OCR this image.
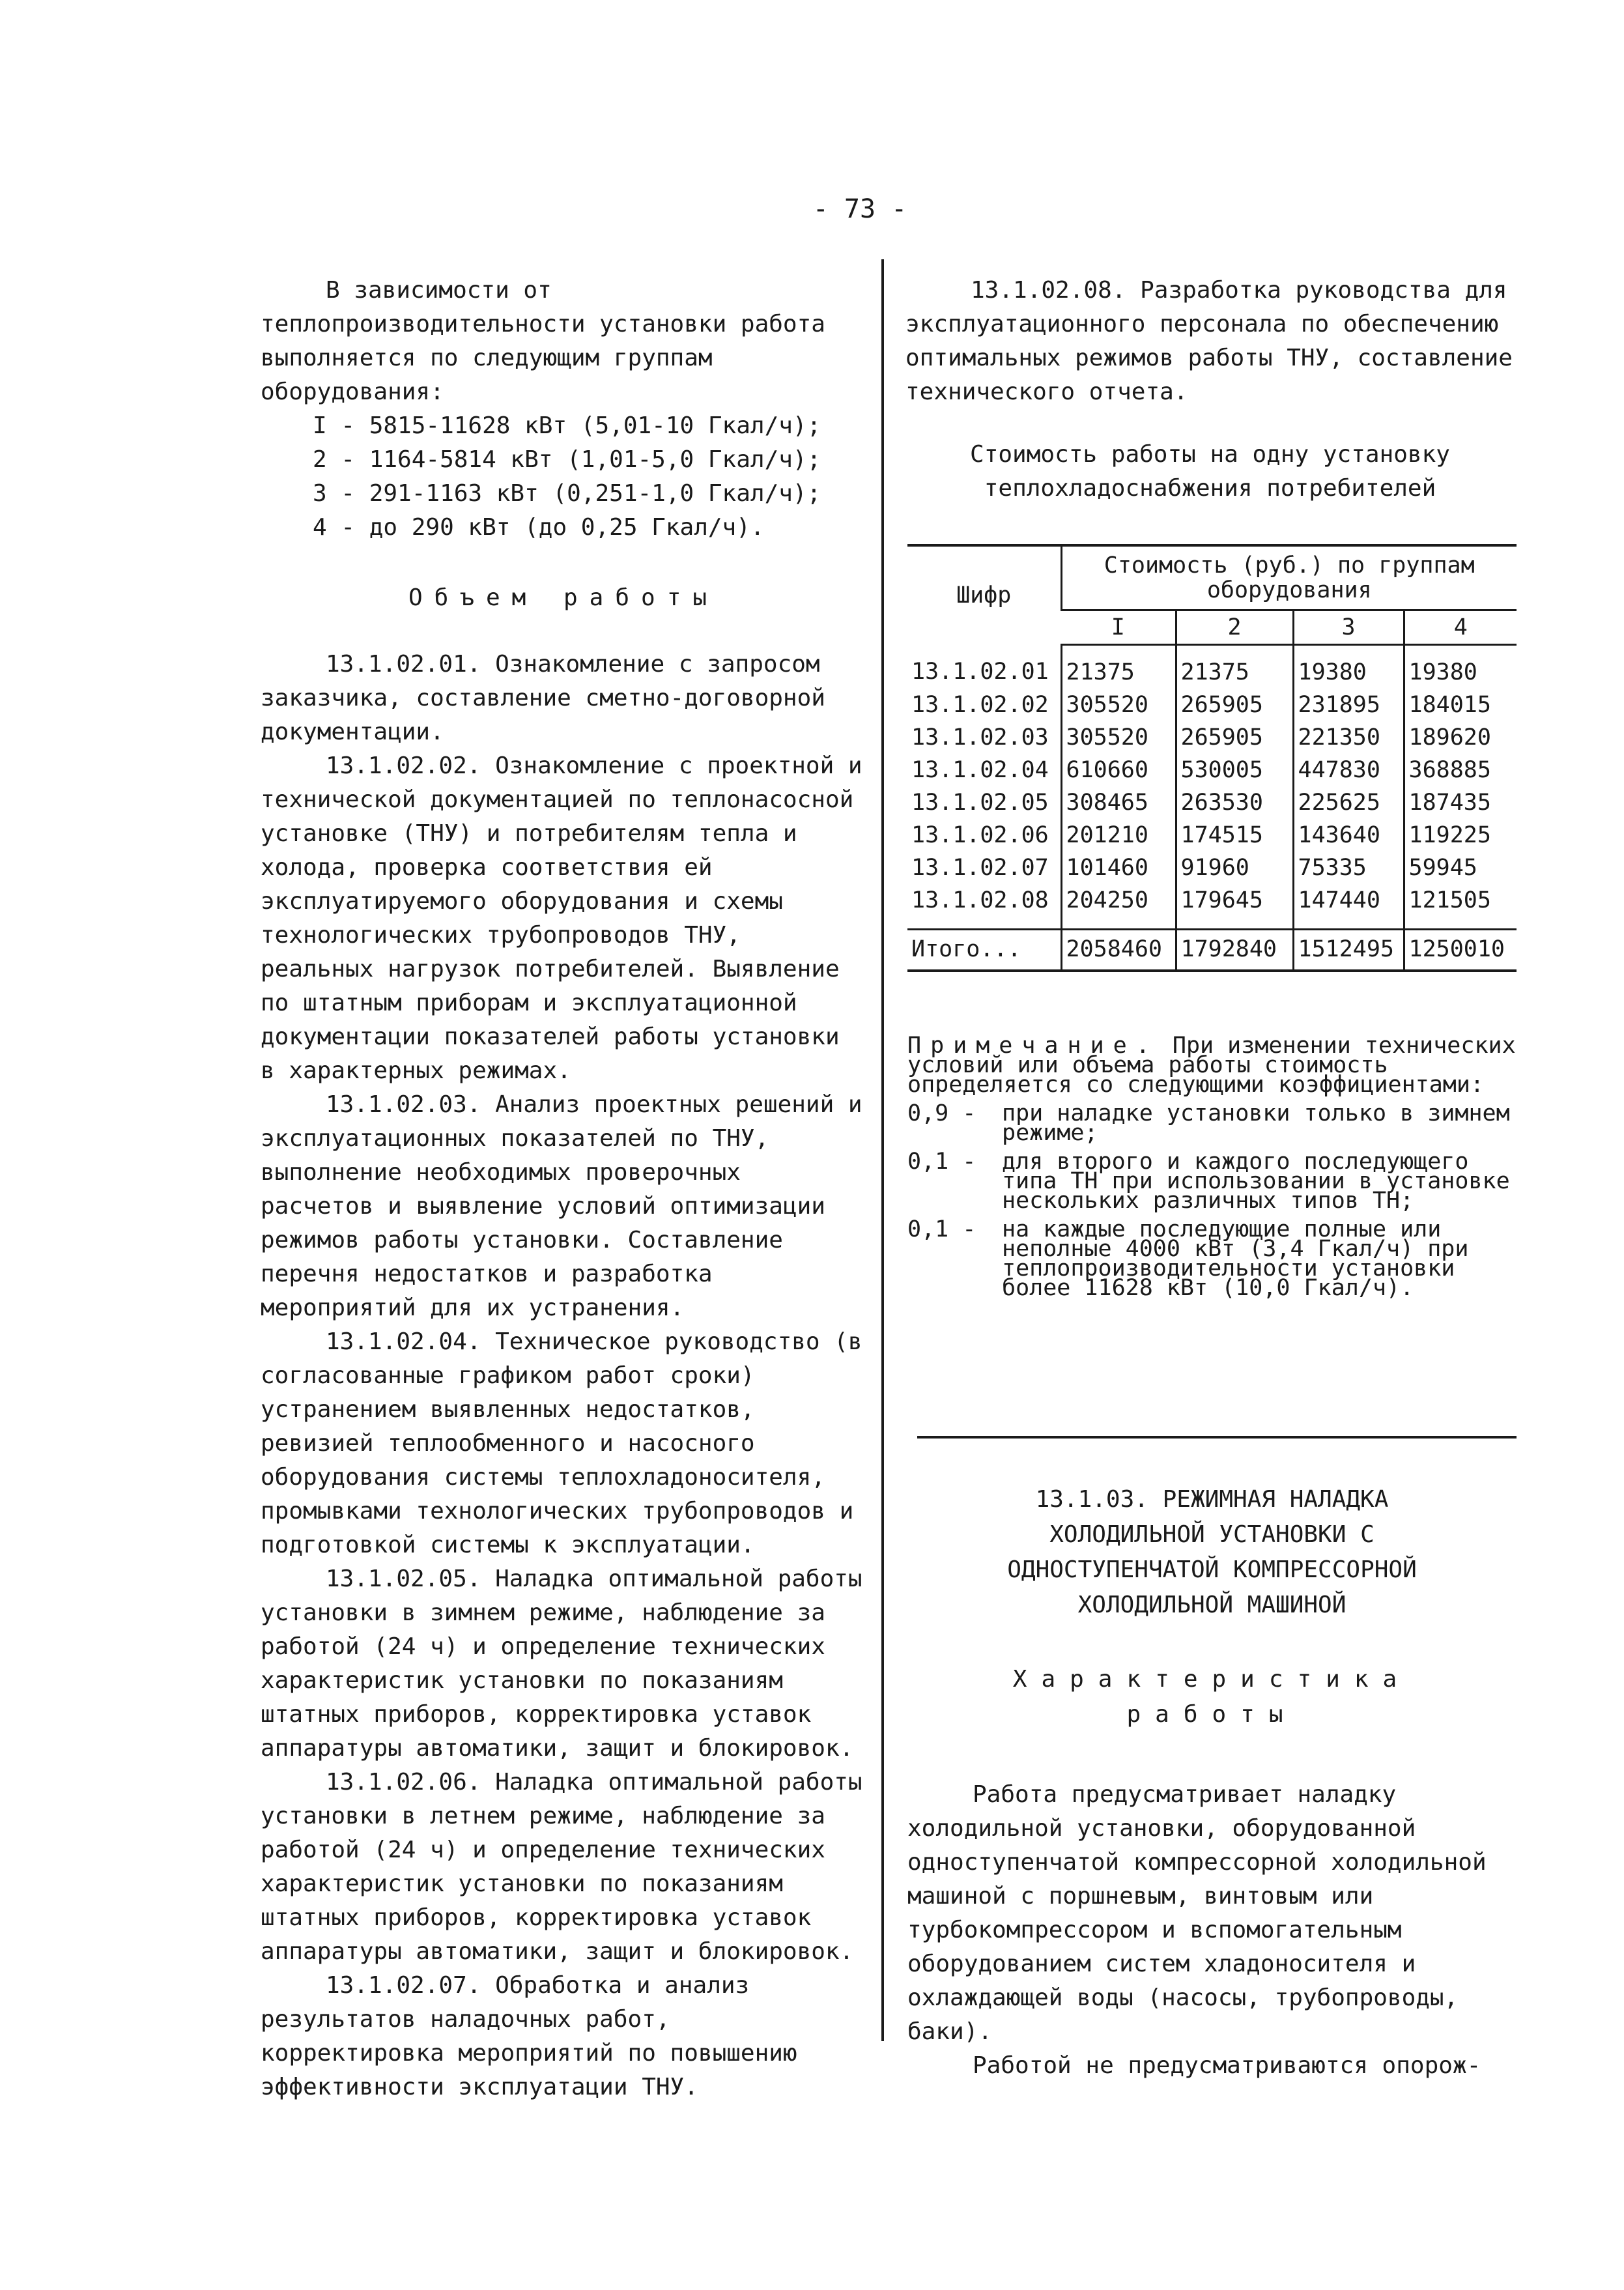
- 73 -

В зависимости от теплопроизводительности установки работа выполняется по следующим группам оборудования:

I - 5815-11628 кВт (5,01-10 Гкал/ч);

2 - 1164-5814 кВт (1,01-5,0 Гкал/ч);

3 - 291-1163 кВт (0,251-1,0 Гкал/ч);

4 - до 290 кВт (до 0,25 Гкал/ч).

Объем работы

13.1.02.01. Ознакомление с запросом заказчика, составление сметно-договорной документации.

13.1.02.02. Ознакомление с проектной и технической документацией по теплонасосной установке (ТНУ) и потребителям тепла и холода, проверка соответствия ей эксплуатируемого оборудования и схемы технологических трубопроводов ТНУ, реальных нагрузок потребителей. Выявление по штатным приборам и эксплуатационной документации показателей работы установки в характерных режимах.

13.1.02.03. Анализ проектных решений и эксплуатационных показателей по ТНУ, выполнение необходимых проверочных расчетов и выявление условий оптимизации режимов работы установки. Составление перечня недостатков и разработка мероприятий для их устранения.

13.1.02.04. Техническое руководство (в согласованные графиком работ сроки) устранением выявленных недостатков, ревизией теплообменного и насосного оборудования системы теплохладоносителя, промывками технологических трубопроводов и подготовкой системы к эксплуатации.

13.1.02.05. Наладка оптимальной работы установки в зимнем режиме, наблюдение за работой (24 ч) и определение технических характеристик установки по показаниям штатных приборов, корректировка уставок аппаратуры автоматики, защит и блокировок.

13.1.02.06. Наладка оптимальной работы установки в летнем режиме, наблюдение за работой (24 ч) и определение технических характеристик установки по показаниям штатных приборов, корректировка уставок аппаратуры автоматики, защит и блокировок.

13.1.02.07. Обработка и анализ результатов наладочных работ, корректировка мероприятий по повышению эффективности эксплуатации ТНУ.

13.1.02.08. Разработка руководства для эксплуатационного персонала по обеспечению оптимальных режимов работы ТНУ, составление технического отчета.

Стоимость работы на одну установку

теплохладоснабжения потребителей

Шифр	Стоимость (руб.) по группам оборудования			
	I	2	3	4
13.1.02.01	21375	21375	19380	19380
13.1.02.02	305520	265905	231895	184015
13.1.02.03	305520	265905	221350	189620
13.1.02.04	610660	530005	447830	368885
13.1.02.05	308465	263530	225625	187435
13.1.02.06	201210	174515	143640	119225
13.1.02.07	101460	91960	75335	59945
13.1.02.08	204250	179645	147440	121505
Итого...	2058460	1792840	1512495	1250010

Примечание. При изменении технических условий или объема работы стоимость определяется со следующими коэффициентами:

0,9 -	при наладке установки только в зимнем режиме;
0,1 -	для второго и каждого последующего типа ТН при использовании в установке нескольких различных типов ТН;
0,1 -	на каждые последующие полные или неполные 4000 кВт (3,4 Гкал/ч) при теплопроизводительности установки более 11628 кВт (10,0 Гкал/ч).

13.1.03. РЕЖИМНАЯ НАЛАДКА

ХОЛОДИЛЬНОЙ УСТАНОВКИ С

ОДНОСТУПЕНЧАТОЙ КОМПРЕССОРНОЙ

ХОЛОДИЛЬНОЙ МАШИНОЙ

Характеристика

работы

Работа предусматривает наладку холодильной установки, оборудованной одноступенчатой компрессорной холодильной машиной с поршневым, винтовым или турбокомпрессором и вспомогательным оборудованием систем хладоносителя и охлаждающей воды (насосы, трубопроводы, баки).

Работой не предусматриваются опорож-
